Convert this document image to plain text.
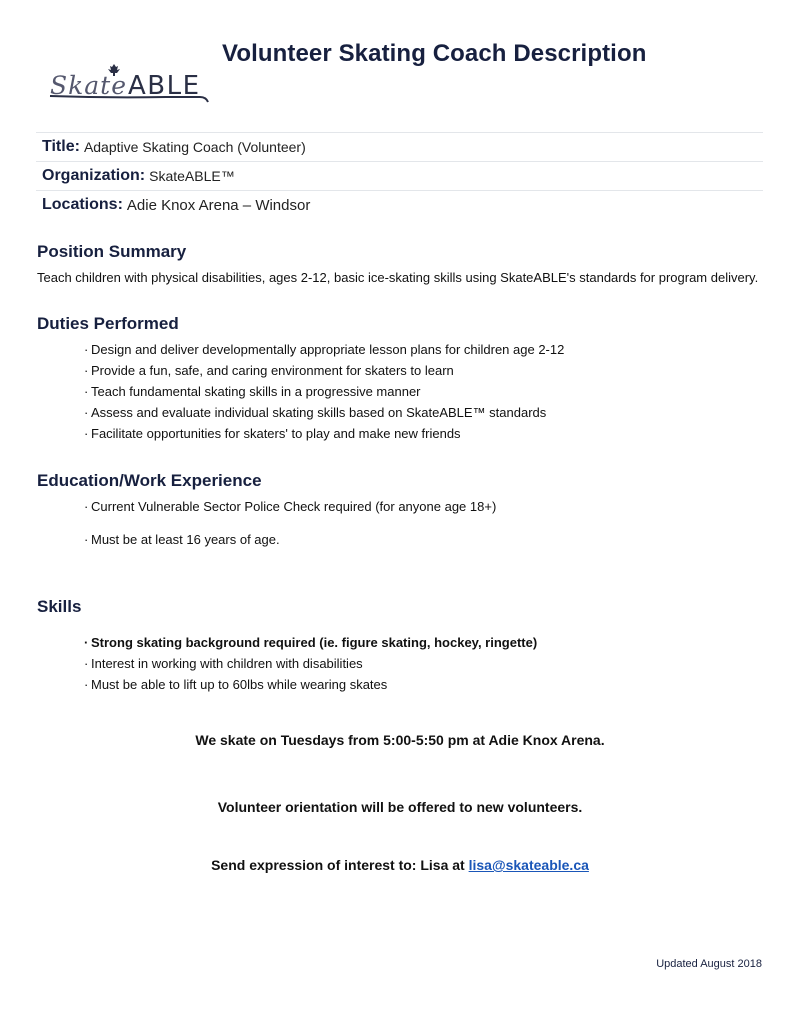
Skate ABLE
Volunteer Skating Coach Description
Title: Adaptive Skating Coach (Volunteer)
Organization: SkateABLE™
Locations: Adie Knox Arena – Windsor
Position Summary
Teach children with physical disabilities, ages 2-12, basic ice-skating skills using SkateABLE's standards for program delivery.
Duties Performed
· Design and deliver developmentally appropriate lesson plans for children age 2-12
· Provide a fun, safe, and caring environment for skaters to learn
· Teach fundamental skating skills in a progressive manner
· Assess and evaluate individual skating skills based on SkateABLE™ standards
· Facilitate opportunities for skaters' to play and make new friends
Education/Work Experience
· Current Vulnerable Sector Police Check required (for anyone age 18+)
· Must be at least 16 years of age.
Skills
· Strong skating background required (ie. figure skating, hockey, ringette)
· Interest in working with children with disabilities
· Must be able to lift up to 60lbs while wearing skates
We skate on Tuesdays from 5:00-5:50 pm at Adie Knox Arena.
Volunteer orientation will be offered to new volunteers.
Send expression of interest to: Lisa at lisa@skateable.ca
Updated August 2018
